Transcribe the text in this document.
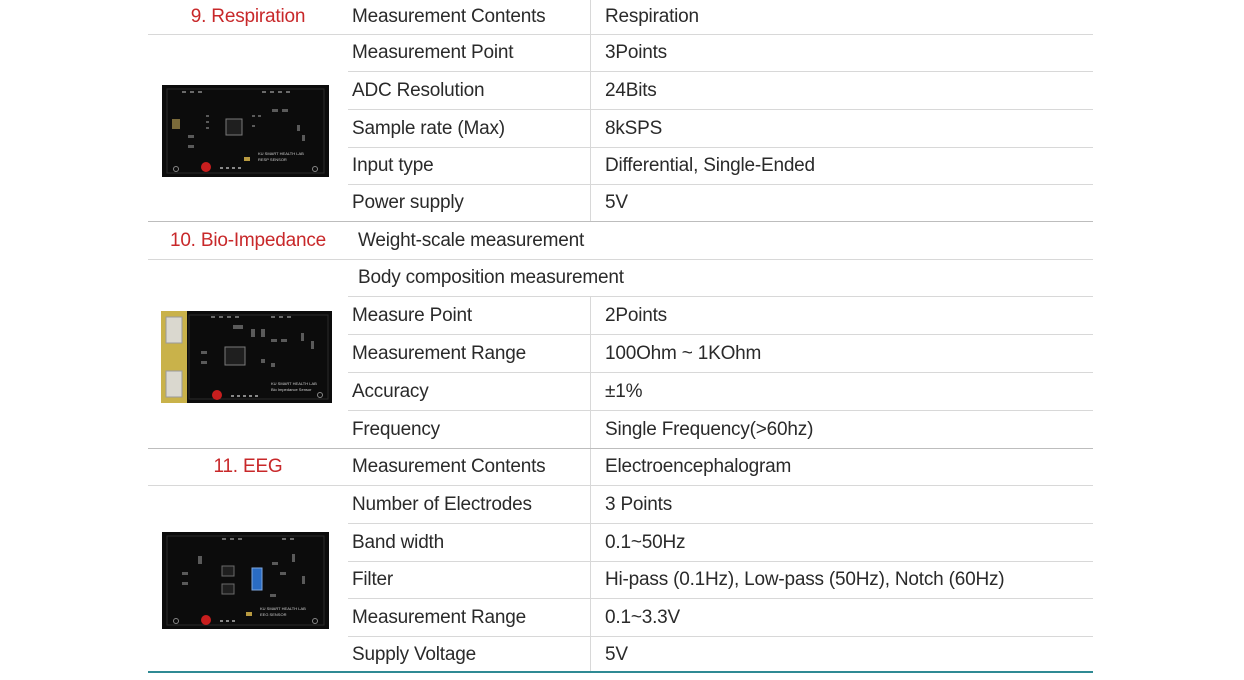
9. Respiration	Measurement Contents	Respiration
Measurement Point	3Points
ADC Resolution	24Bits
Sample rate (Max)	8kSPS
Input type	Differential, Single-Ended
Power supply	5V
KU SMART HEALTH LAB
RESP SENSOR
10. Bio-Impedance	Weight-scale measurement
Body composition measurement
Measure Point	2Points
Measurement Range	100Ohm ~ 1KOhm
Accuracy	±1%
Frequency	Single Frequency(>60hz)
KU SMART HEALTH LAB
Bio Impedance Sensor
11. EEG	Measurement Contents	Electroencephalogram
Number of Electrodes	3 Points
Band width	0.1~50Hz
Filter	Hi-pass (0.1Hz), Low-pass (50Hz), Notch (60Hz)
Measurement Range	0.1~3.3V
Supply Voltage	5V
KU SMART HEALTH LAB
EEG SENSOR
